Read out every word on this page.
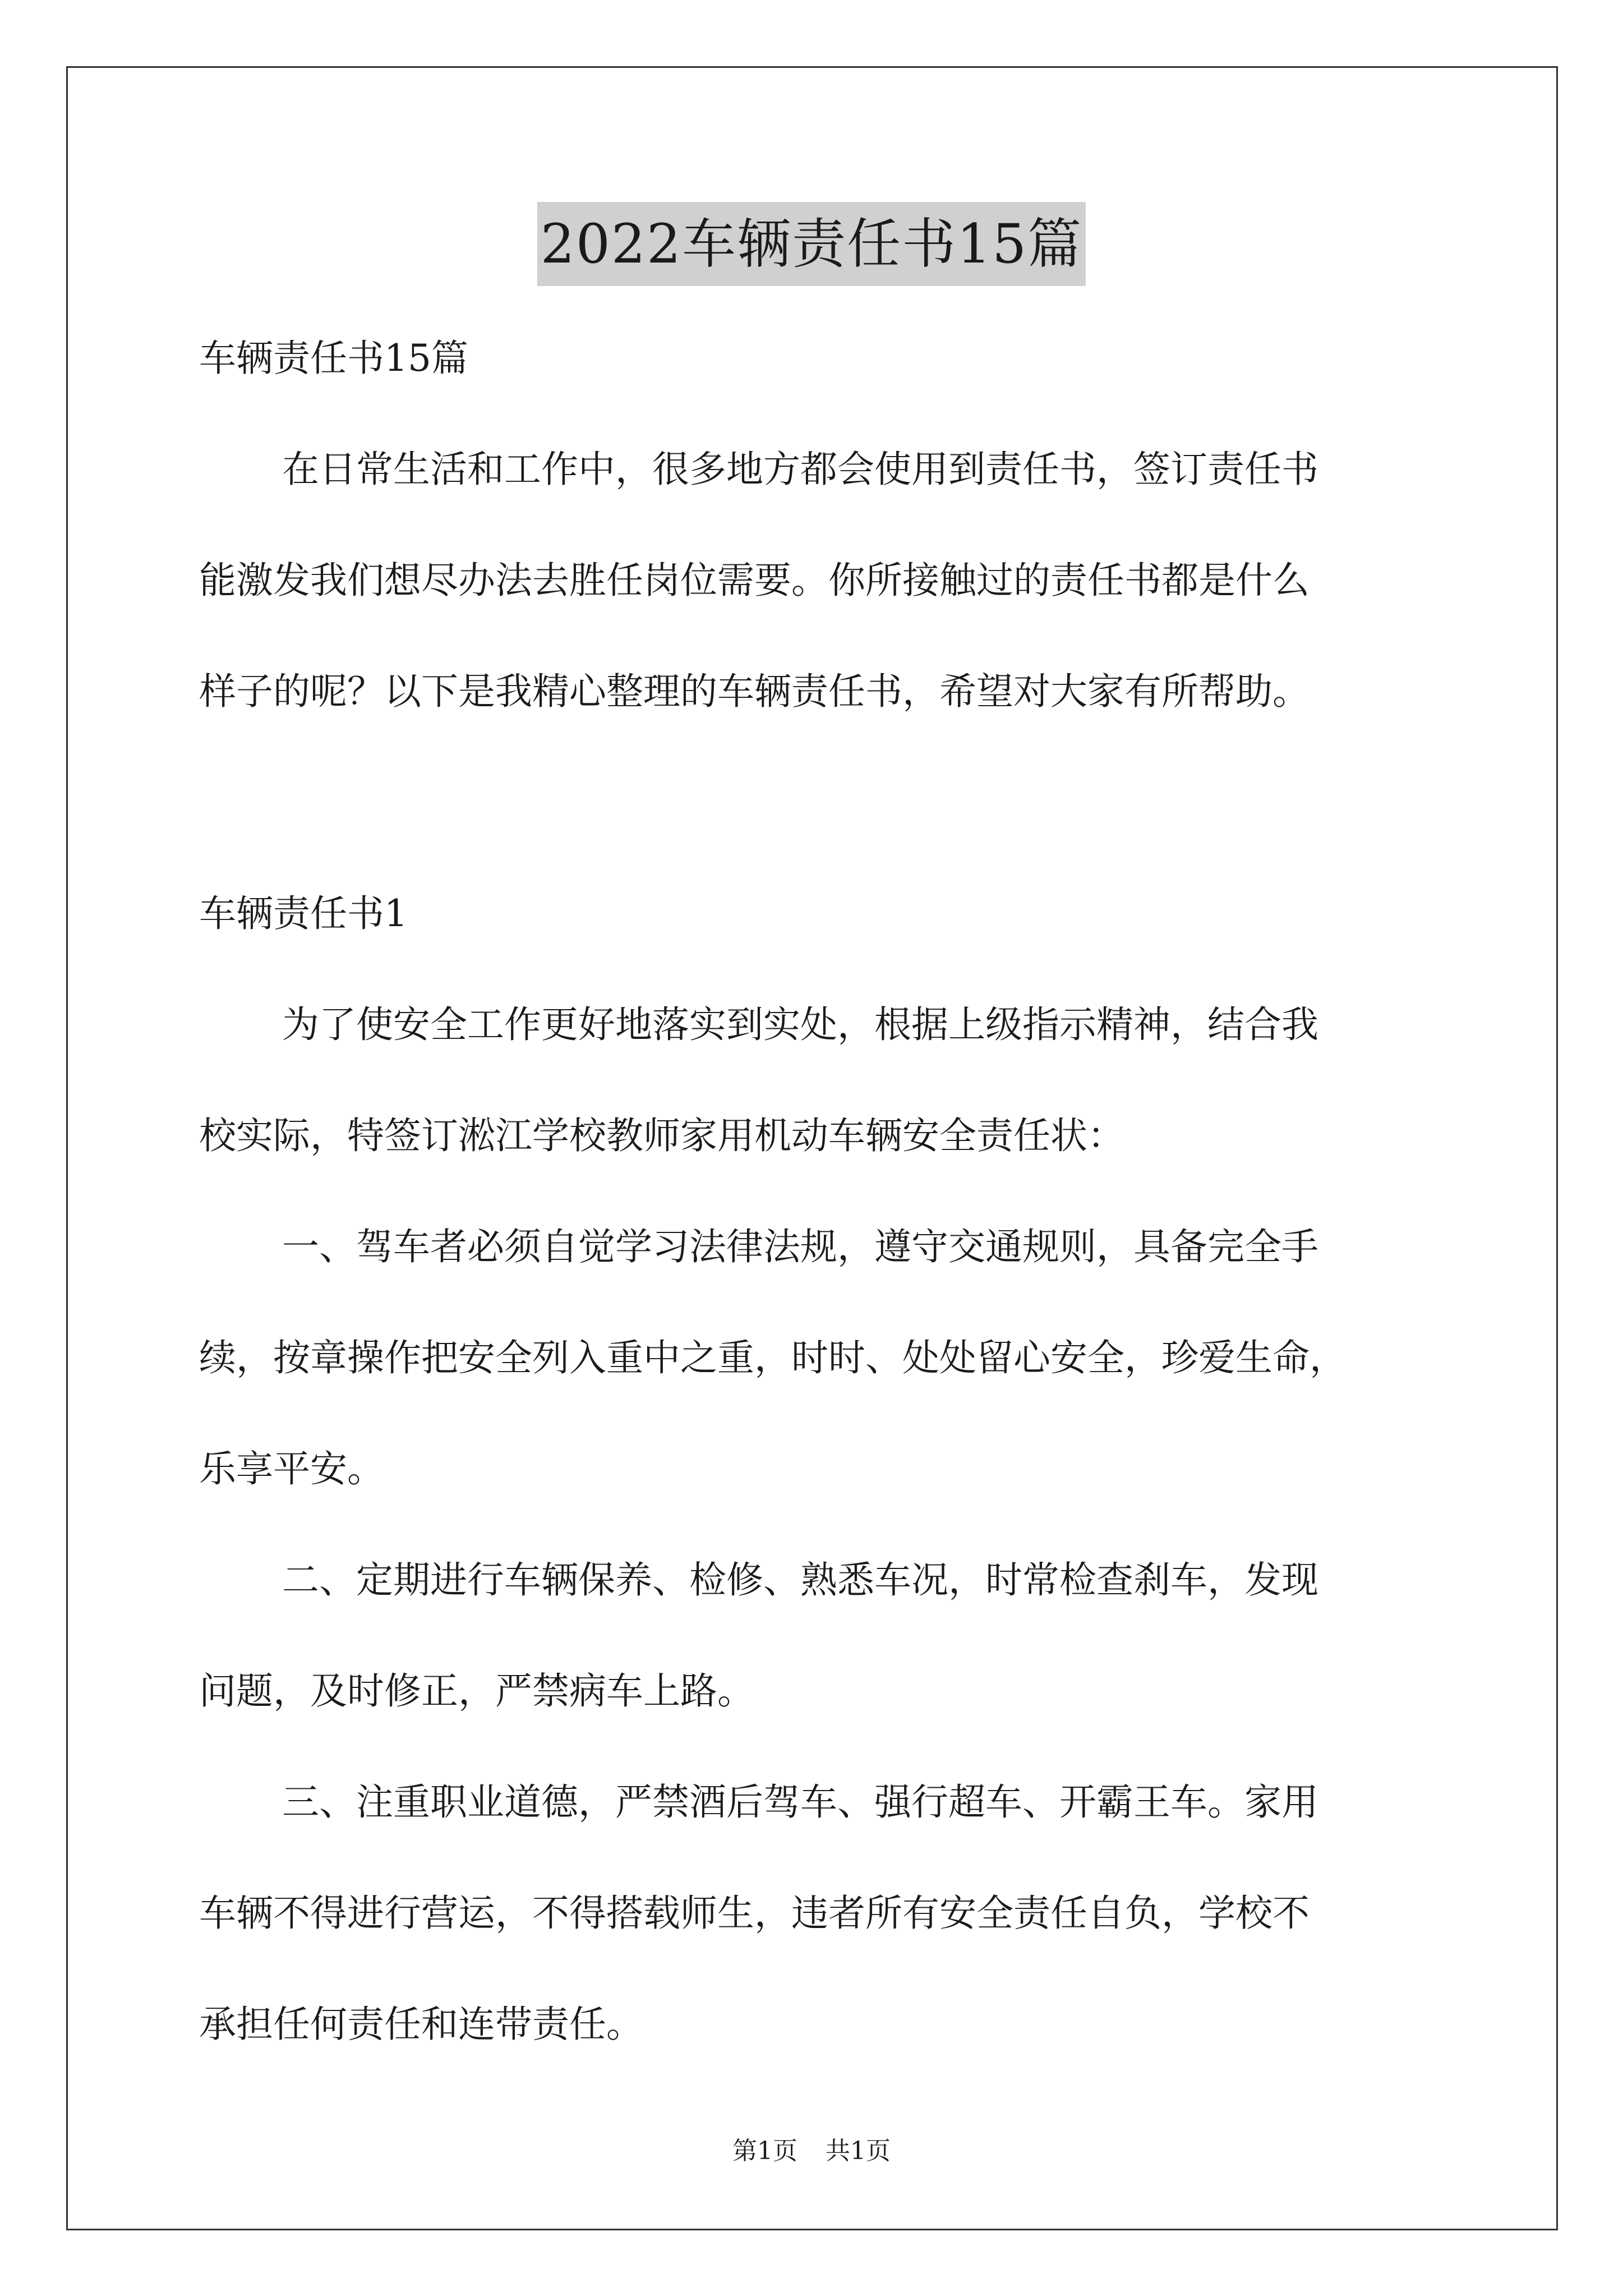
2022车辆责任书15篇

车辆责任书15篇

在日常生活和工作中，很多地方都会使用到责任书，签订责任书

能激发我们想尽办法去胜任岗位需要。你所接触过的责任书都是什么

样子的呢？以下是我精心整理的车辆责任书，希望对大家有所帮助。

车辆责任书1

为了使安全工作更好地落实到实处，根据上级指示精神，结合我

校实际，特签订淞江学校教师家用机动车辆安全责任状：

一、驾车者必须自觉学习法律法规，遵守交通规则，具备完全手

续，按章操作把安全列入重中之重，时时、处处留心安全，珍爱生命，

乐享平安。

二、定期进行车辆保养、检修、熟悉车况，时常检查刹车，发现

问题，及时修正，严禁病车上路。

三、注重职业道德，严禁酒后驾车、强行超车、开霸王车。家用

车辆不得进行营运，不得搭载师生，违者所有安全责任自负，学校不

承担任何责任和连带责任。

第1页 共1页
